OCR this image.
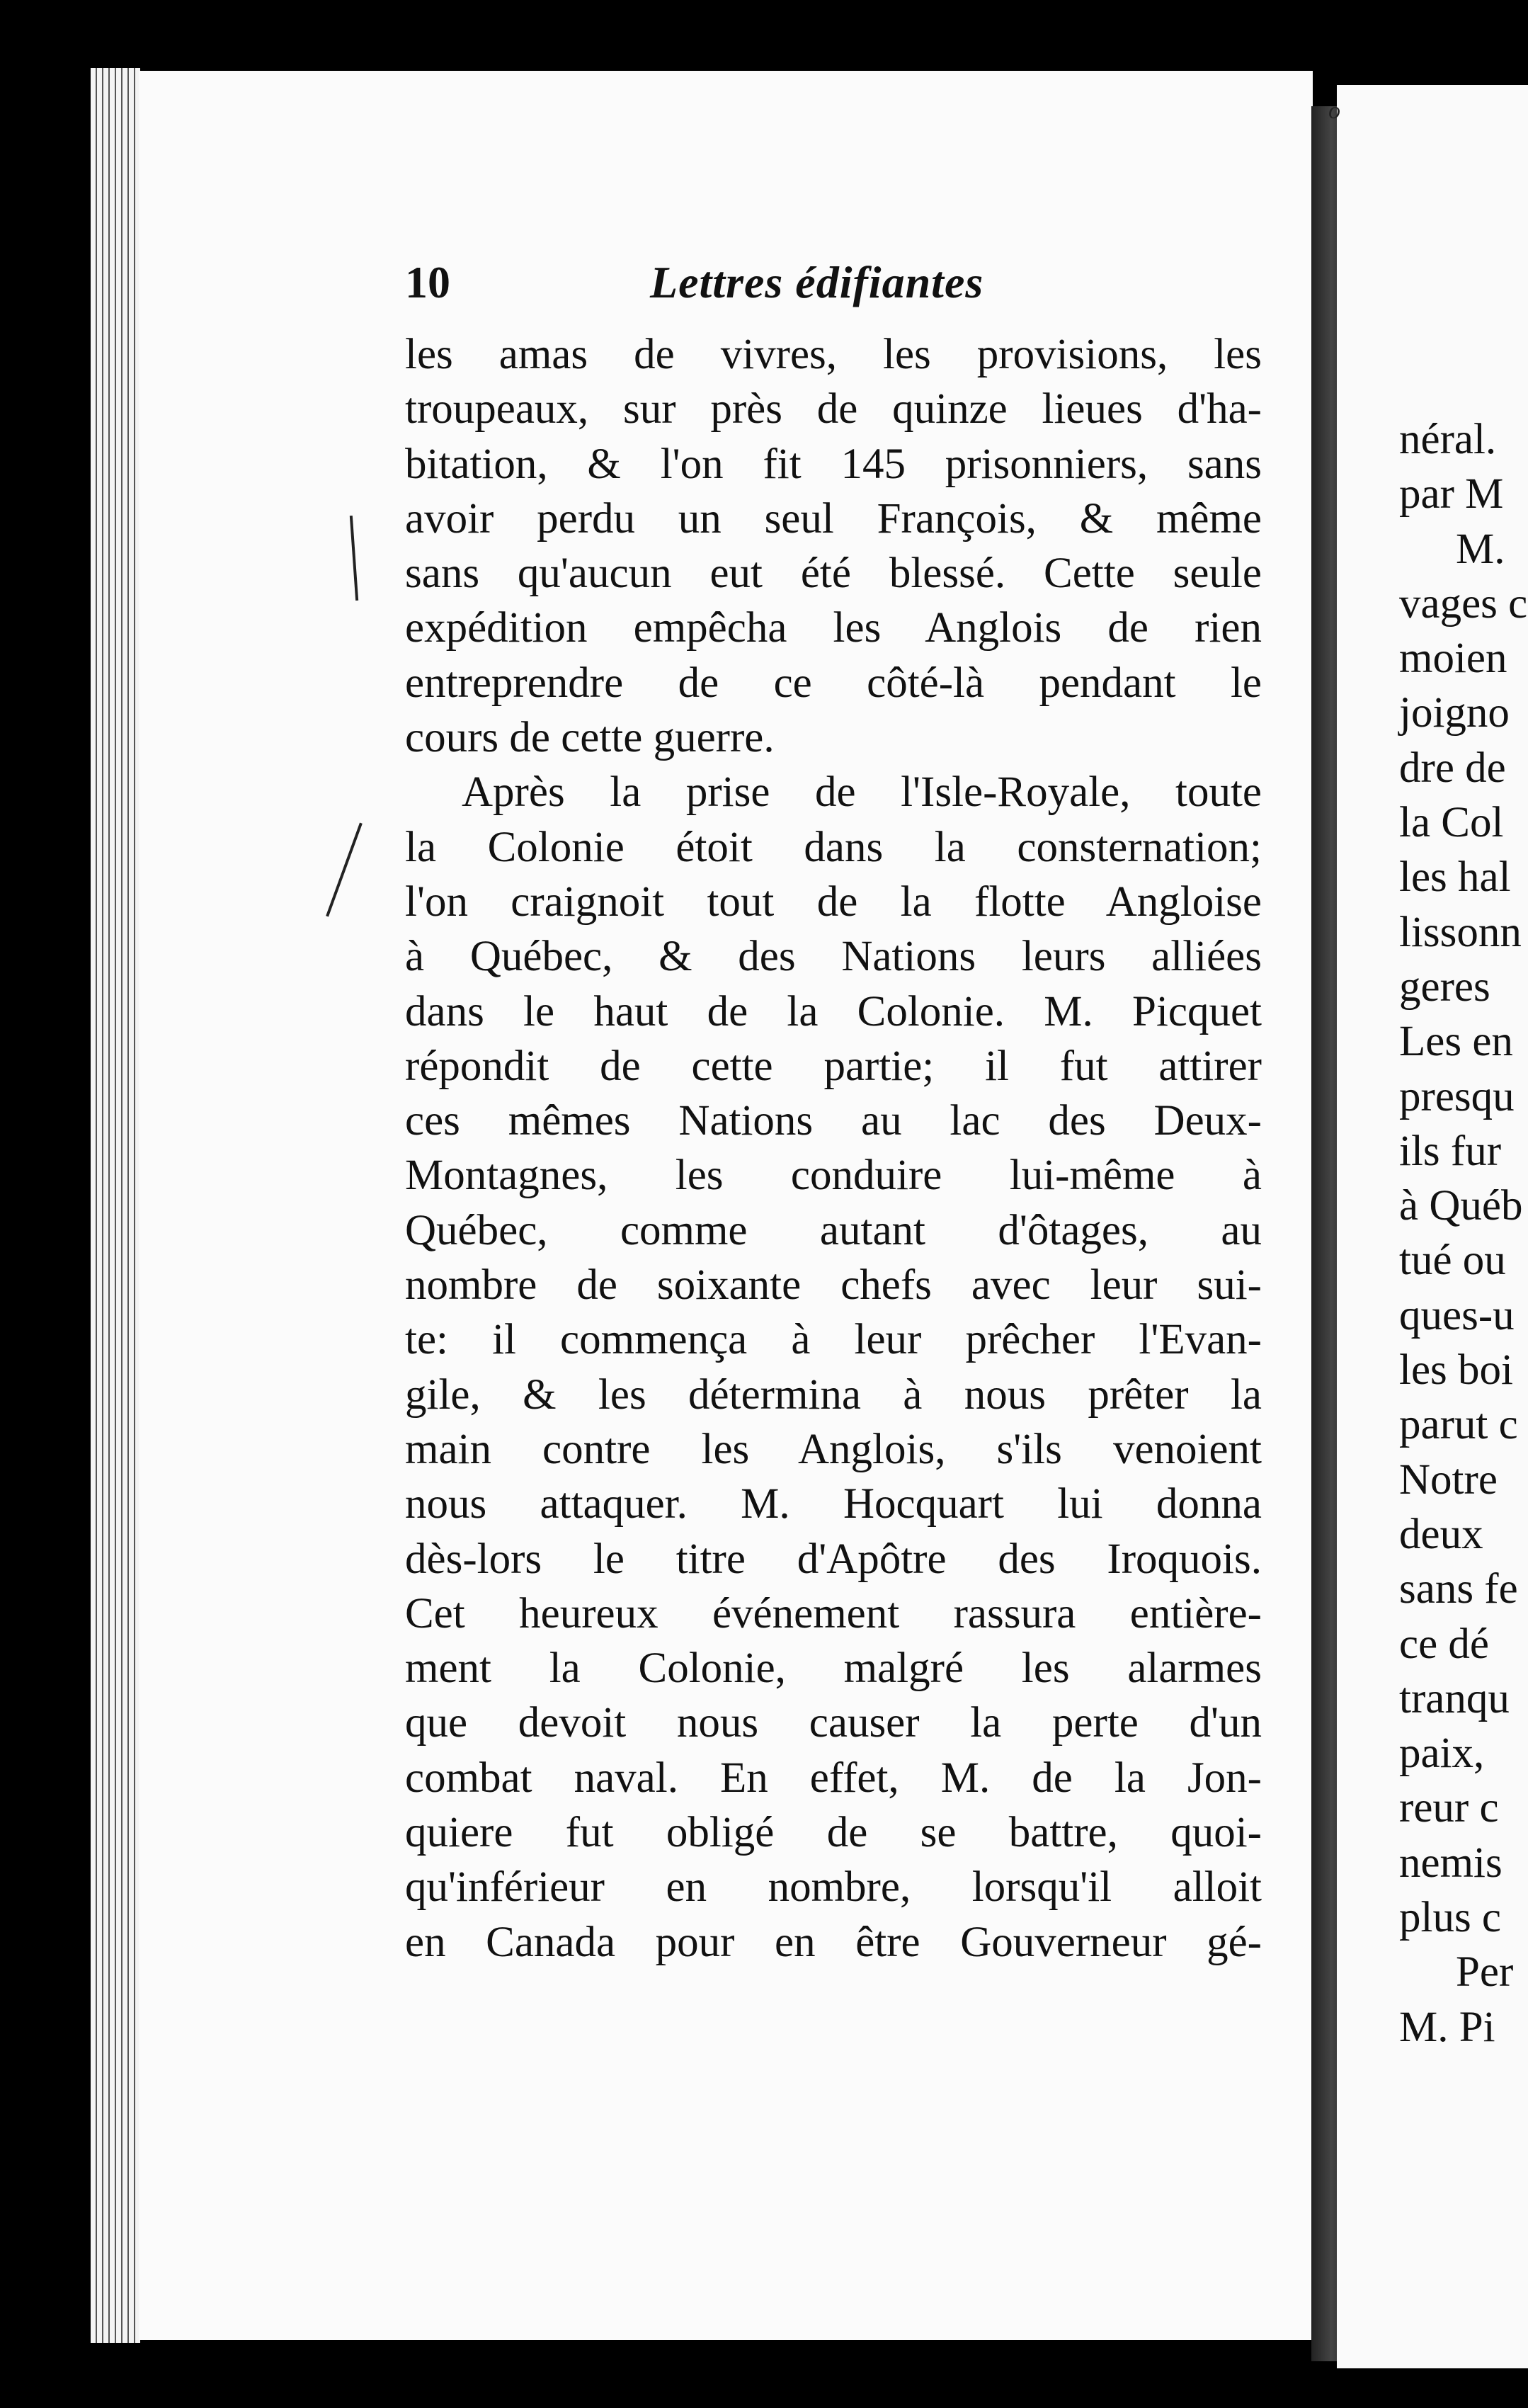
néral.
par M
M.
vages c
moien
joigno
dre de
la Col
les hal
lissonn
geres
Les en
presqu
ils fur
à Québ
tué ou
ques-u
les boi
parut c
Notre
deux
sans fe
ce dé
tranqu
paix,
reur c
nemis
plus c
Per
M. Pi
o
10	Lettres édifiantes
les amas de vivres, les provisions, les
troupeaux, sur près de quinze lieues d'ha-
bitation, & l'on fit 145 prisonniers, sans
avoir perdu un seul François, & même
sans qu'aucun eut été blessé. Cette seule
expédition empêcha les Anglois de rien
entreprendre de ce côté-là pendant le
cours de cette guerre.
Après la prise de l'Isle-Royale, toute
la Colonie étoit dans la consternation;
l'on craignoit tout de la flotte Angloise
à Québec, & des Nations leurs alliées
dans le haut de la Colonie. M. Picquet
répondit de cette partie; il fut attirer
ces mêmes Nations au lac des Deux-
Montagnes, les conduire lui-même à
Québec, comme autant d'ôtages, au
nombre de soixante chefs avec leur sui-
te: il commença à leur prêcher l'Evan-
gile, & les détermina à nous prêter la
main contre les Anglois, s'ils venoient
nous attaquer. M. Hocquart lui donna
dès-lors le titre d'Apôtre des Iroquois.
Cet heureux événement rassura entière-
ment la Colonie, malgré les alarmes
que devoit nous causer la perte d'un
combat naval. En effet, M. de la Jon-
quiere fut obligé de se battre, quoi-
qu'inférieur en nombre, lorsqu'il alloit
en Canada pour en être Gouverneur gé-
